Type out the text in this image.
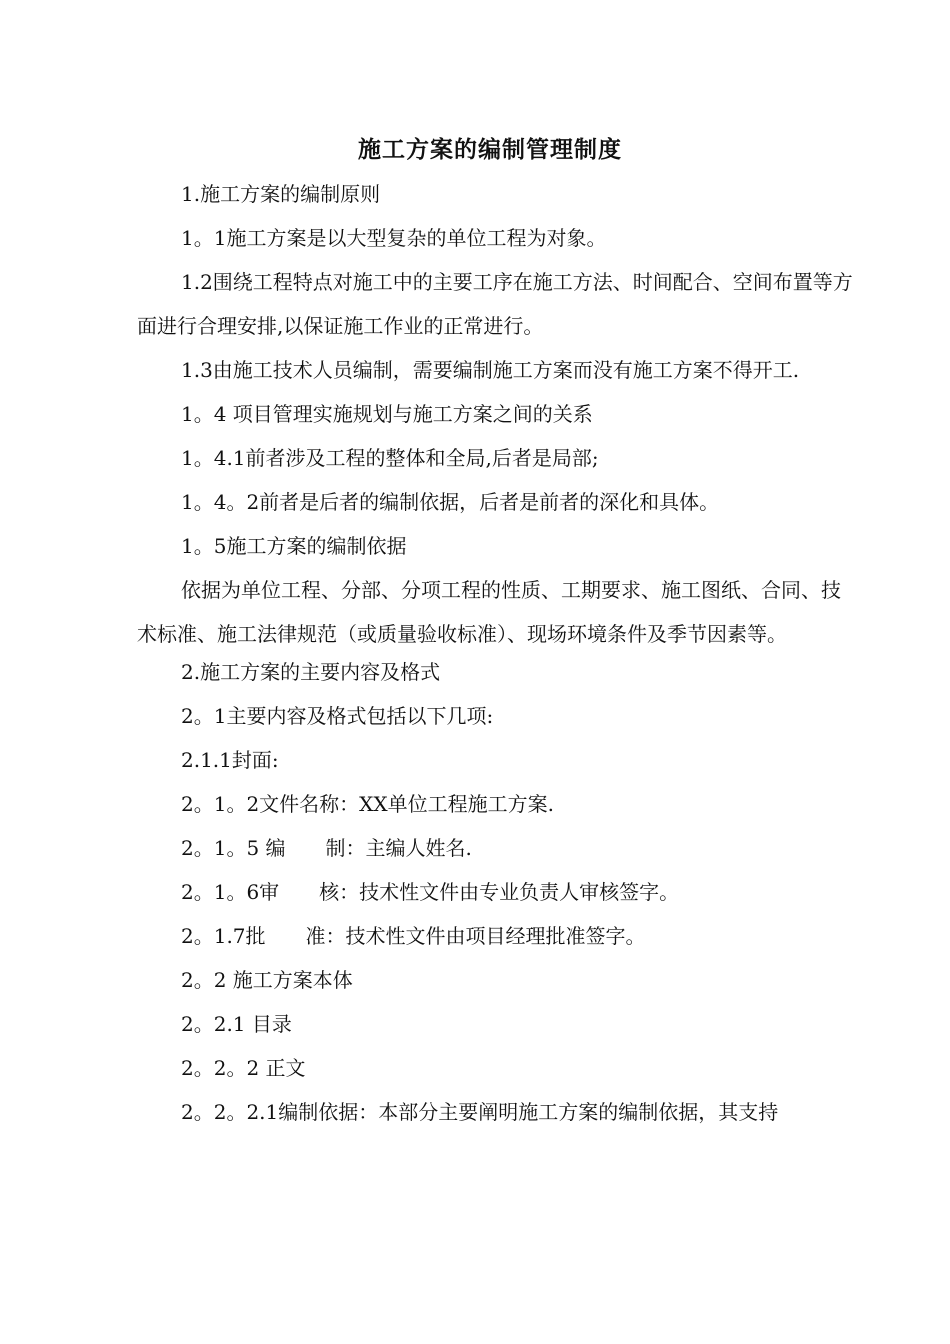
施工方案的编制管理制度

1.施工方案的编制原则

1。1施工方案是以大型复杂的单位工程为对象。

1.2围绕工程特点对施工中的主要工序在施工方法、时间配合、空间布置等方面进行合理安排,以保证施工作业的正常进行。

1.3由施工技术人员编制，需要编制施工方案而没有施工方案不得开工.

1。4 项目管理实施规划与施工方案之间的关系

1。4.1前者涉及工程的整体和全局,后者是局部;

1。4。2前者是后者的编制依据，后者是前者的深化和具体。

1。5施工方案的编制依据

依据为单位工程、分部、分项工程的性质、工期要求、施工图纸、合同、技术标准、施工法律规范（或质量验收标准）、现场环境条件及季节因素等。

2.施工方案的主要内容及格式

2。1主要内容及格式包括以下几项:

2.1.1封面:

2。1。2文件名称：XX单位工程施工方案.

2。1。5 编　　制：主编人姓名.

2。1。6审　　核：技术性文件由专业负责人审核签字。

2。1.7批　　准：技术性文件由项目经理批准签字。

2。2 施工方案本体

2。2.1 目录

2。2。2 正文

2。2。2.1编制依据：本部分主要阐明施工方案的编制依据，其支持
